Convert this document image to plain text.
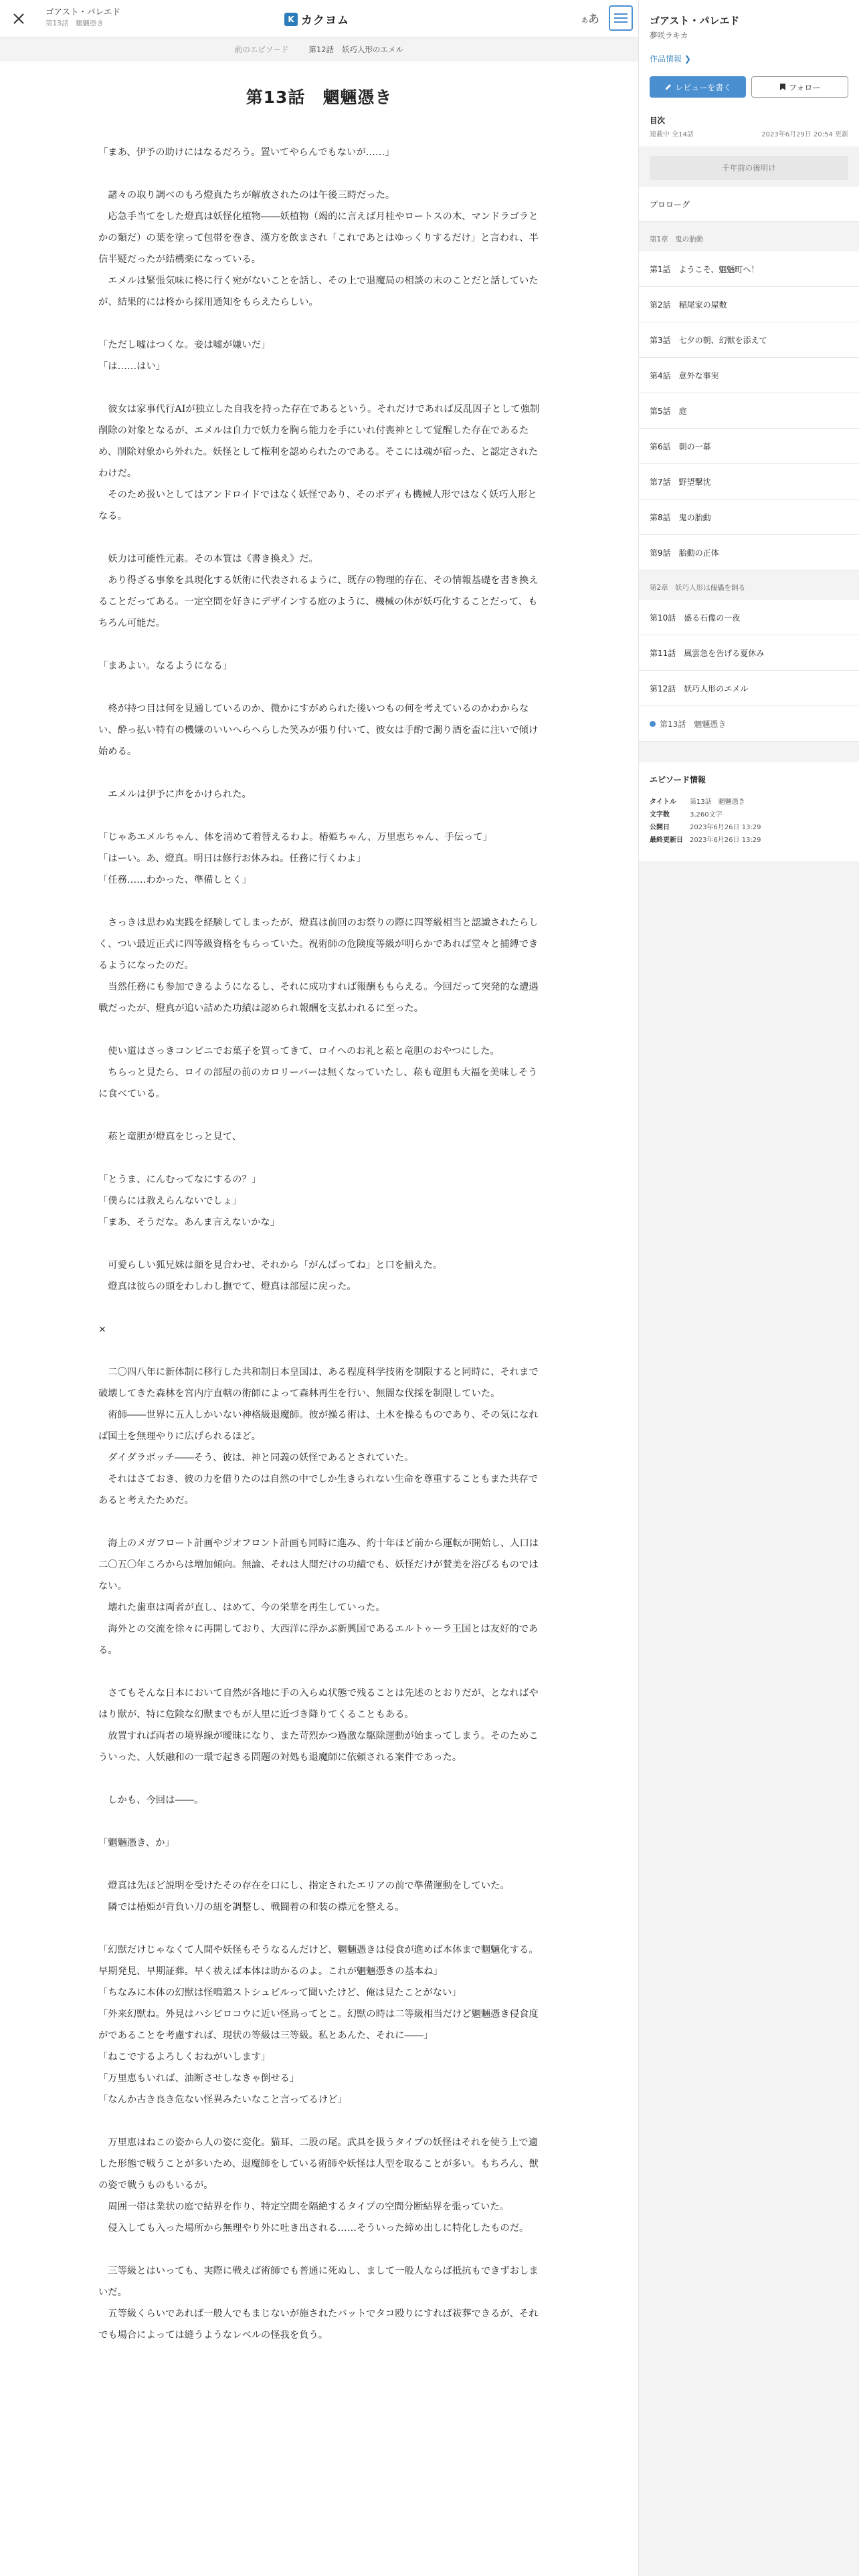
ゴアスト・パレエド
第13話　魍魎憑き	K カクヨム	ああ
前のエピソード	第12話 妖巧人形のエメル
第13話　魍魎憑き

「まあ、伊予の助けにはなるだろう。置いてやらんでもないが……」

　諸々の取り調べのもろ燈真たちが解放されたのは午後三時だった。

　応急手当てをした燈真は妖怪化植物――妖植物（竭的に言えば月桂やロートスの木、マンドラゴラとかの類だ）の葉を塗って包帯を巻き、漢方を飲まされ「これであとはゆっくりするだけ」と言われ、半信半疑だったが結構楽になっている。

　エメルは緊張気味に柊に行く宛がないことを話し、その上で退魔局の相談の末のことだと話していたが、結果的には柊から採用通知をもらえたらしい。

「ただし嘘はつくな。妾は嘘が嫌いだ」

「は……はい」

　彼女は家事代行AIが独立した自我を持った存在であるという。それだけであれば反乱因子として強制削除の対象となるが、エメルは自力で妖力を胸ら能力を手にいれ付喪神として覚醒した存在であるため、削除対象から外れた。妖怪として権利を認められたのである。そこには魂が宿った、と認定されたわけだ。

　そのため扱いとしてはアンドロイドではなく妖怪であり、そのボディも機械人形ではなく妖巧人形となる。

　妖力は可能性元素。その本質は《書き換え》だ。

　あり得ざる事象を具現化する妖術に代表されるように、既存の物理的存在、その情報基礎を書き換えることだってある。一定空間を好きにデザインする庭のように、機械の体が妖巧化することだって、もちろん可能だ。

「まあよい。なるようになる」

　柊が持つ目は何を見通しているのか、微かにすがめられた後いつもの何を考えているのかわからない、酔っ払い特有の機嫌のいいへらへらした笑みが張り付いて、彼女は手酌で濁り酒を盃に注いで傾け始める。

　エメルは伊予に声をかけられた。

「じゃあエメルちゃん、体を清めて着替えるわよ。椿姫ちゃん、万里恵ちゃん、手伝って」

「はーい。あ、燈真。明日は修行お休みね。任務に行くわよ」

「任務……わかった、準備しとく」

　さっきは思わぬ実践を経験してしまったが、燈真は前回のお祭りの際に四等級相当と認識されたらしく、つい最近正式に四等級資格をもらっていた。祝術師の危険度等級が明らかであれば堂々と捕縛できるようになったのだ。

　当然任務にも参加できるようになるし、それに成功すれば報酬ももらえる。今回だって突発的な遭遇戦だったが、燈真が追い詰めた功績は認められ報酬を支払われるに至った。

　使い道はさっきコンビニでお菓子を買ってきて、ロイへのお礼と菘と竜胆のおやつにした。

　ちらっと見たら、ロイの部屋の前のカロリーバーは無くなっていたし、菘も竜胆も大福を美味しそうに食べている。

　菘と竜胆が燈真をじっと見て、

「とうま、にんむってなにするの？」

「僕らには教えらんないでしょ」

「まあ、そうだな。あんま言えないかな」

　可愛らしい狐兄妹は顔を見合わせ、それから「がんばってね」と口を揃えた。

　燈真は彼らの頭をわしわし撫でて、燈真は部屋に戻った。

×

　二〇四八年に新体制に移行した共和制日本皇国は、ある程度科学技術を制限すると同時に、それまで破壊してきた森林を宮内庁直轄の術師によって森林再生を行い、無闇な伐採を制限していた。

　術師――世界に五人しかいない神格級退魔師。彼が操る術は、土木を操るものであり、その気になれば国土を無理やりに広げられるほど。

　ダイダラボッチ――そう、彼は、神と同義の妖怪であるとされていた。

　それはさておき、彼の力を借りたのは自然の中でしか生きられない生命を尊重することもまた共存であると考えたためだ。

　海上のメガフロート計画やジオフロント計画も同時に進み、約十年ほど前から運転が開始し、人口は二〇五〇年ころからは増加傾向。無論、それは人間だけの功績でも、妖怪だけが賛美を浴びるものではない。

　壊れた歯車は両者が直し、はめて、今の栄華を再生していった。

　海外との交流を徐々に再開しており、大西洋に浮かぶ新興国であるエルトゥーラ王国とは友好的である。

　さてもそんな日本において自然が各地に手の入らぬ状態で残ることは先述のとおりだが、となればやはり獣が、特に危険な幻獣までもが人里に近づき降りてくることもある。

　放置すれば両者の境界線が曖昧になり、また苛烈かつ過激な駆除運動が始まってしまう。そのためこういった、人妖融和の一環で起きる問題の対処も退魔師に依頼される案件であった。

　しかも、今回は――。

「魍魎憑き、か」

　燈真は先ほど説明を受けたその存在を口にし、指定されたエリアの前で準備運動をしていた。

　隣では椿姫が背負い刀の紐を調整し、戦闘着の和装の襟元を整える。

「幻獣だけじゃなくて人間や妖怪もそうなるんだけど、魍魎憑きは侵食が進めば本体まで魍魎化する。早期発見、早期証葬。早く祓えば本体は助かるのよ。これが魍魎憑きの基本ね」

「ちなみに本体の幻獣は怪鳴鶏ストシュピルって聞いたけど、俺は見たことがない」

「外来幻獣ね。外見はハシビロコウに近い怪鳥ってとこ。幻獣の時は二等級相当だけど魍魎憑き侵食度がであることを考慮すれば、現状の等級は三等級。私とあんた、それに――」

「ねこでするよろしくおねがいします」

「万里恵もいれば、油断させしなきゃ倒せる」

「なんか古き良き危ない怪異みたいなこと言ってるけど」

　万里恵はねこの姿から人の姿に変化。猫耳、二股の尾。武具を扱うタイプの妖怪はそれを使う上で適した形態で戦うことが多いため、退魔師をしている術師や妖怪は人型を取ることが多い。もちろん、獣の姿で戦うものもいるが。

　周囲一帯は業状の庭で結界を作り、特定空間を隔絶するタイプの空間分断結界を張っていた。

　侵入しても入った場所から無理やり外に吐き出される……そういった締め出しに特化したものだ。

　三等級とはいっても、実際に戦えば術師でも普通に死ぬし、まして一般人ならば抵抗もできずおしまいだ。

　五等級くらいであれば一般人でもまじないが施されたバットでタコ殴りにすれば祓葬できるが、それでも場合によっては縫うようなレベルの怪我を負う。

ゴアスト・パレエド
夢咲ラキカ
作品情報 ❯
レビューを書く	フォロー
目次
連載中 全14話	2023年6月29日 20:54 更新
千年前の後明け
プロローグ
第1章　鬼の胎動
第1話　ようこそ、魍魎町へ！
第2話　稲尾家の屋敷
第3話　七夕の朝、幻獣を添えて
第4話　意外な事実
第5話　庭
第6話　朝の一幕
第7話　野望撃沈
第8話　鬼の胎動
第9話　胎動の正体
第2章　妖巧人形は傀儡を飼る
第10話　盛る石像の一夜
第11話　風雲急を告げる夏休み
第12話　妖巧人形のエメル
第13話　魍魎憑き
エピソード情報
タイトル	第13話　魍魎憑き
文字数	3,260文字
公開日	2023年6月26日 13:29
最終更新日	2023年6月26日 13:29
